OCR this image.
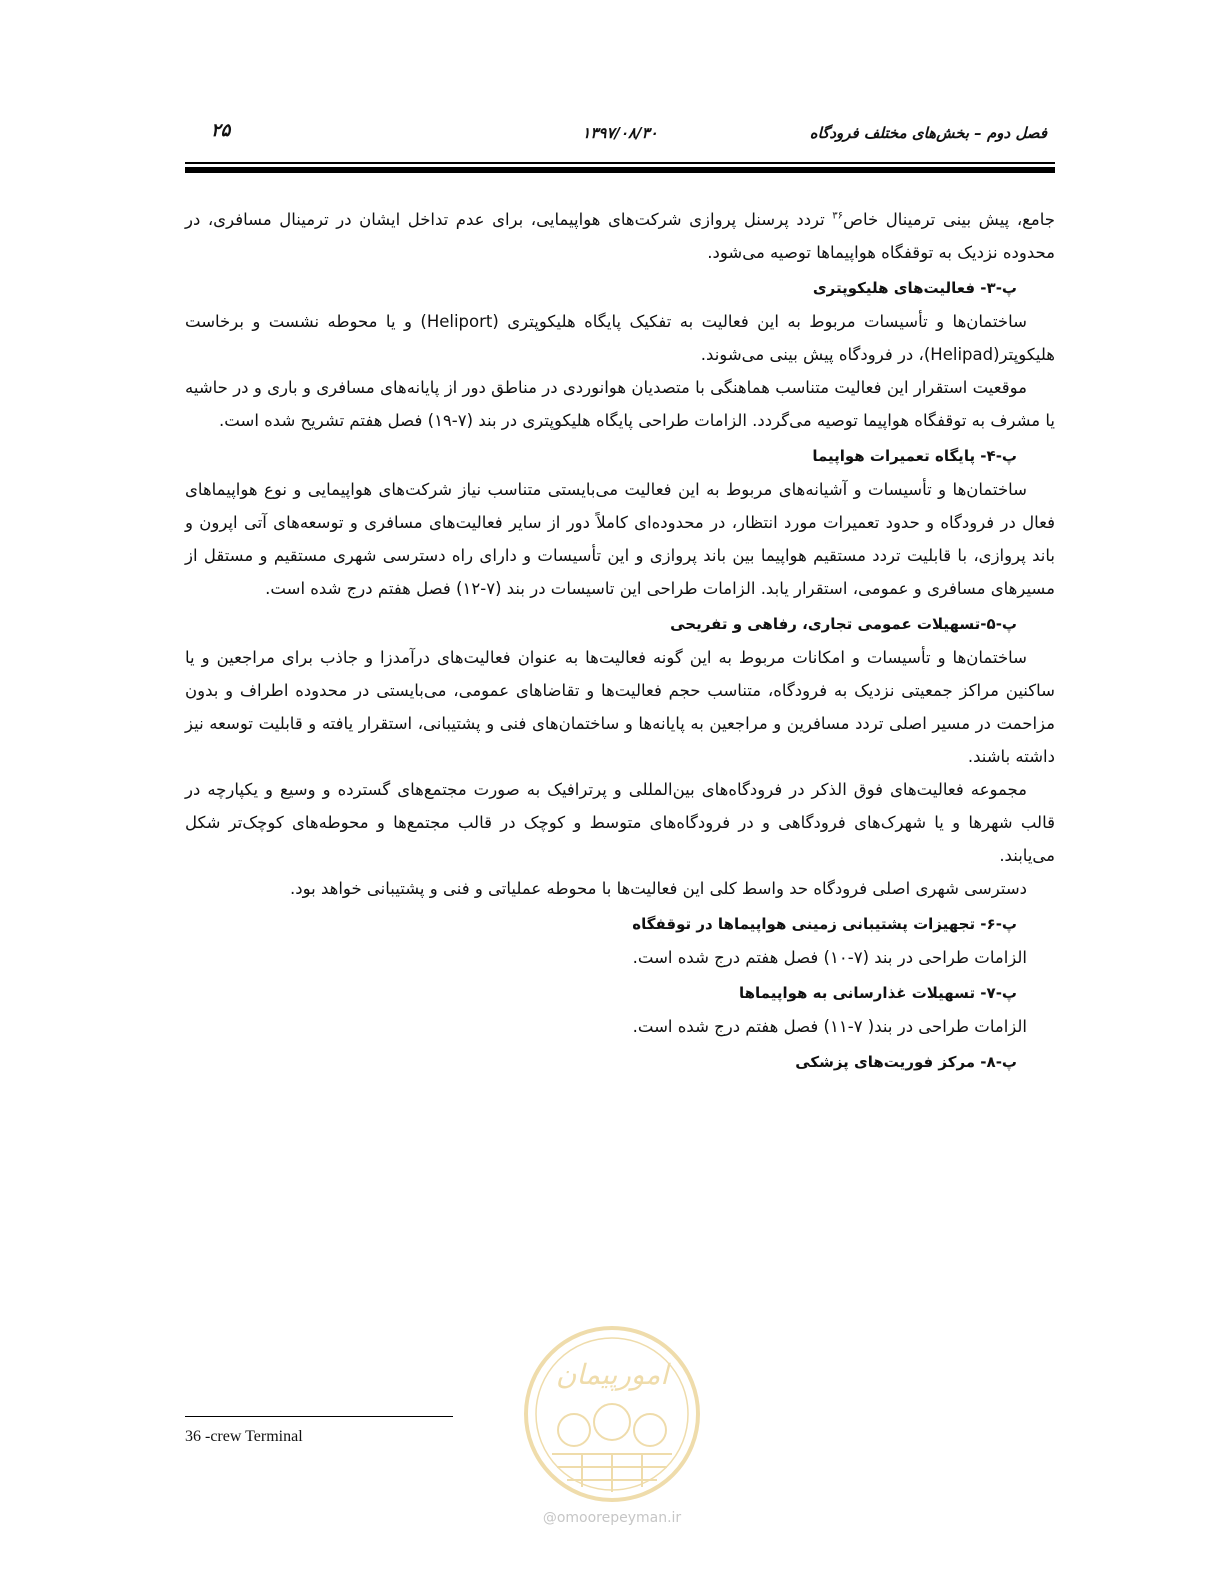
فصل دوم – بخش‌های مختلف فرودگاه
۱۳۹۷/۰۸/۳۰
۲۵

جامع، پیش بینی ترمینال خاص$^{۳۶}$ تردد پرسنل پروازی شرکت‌های هواپیمایی، برای عدم تداخل ایشان در ترمینال مسافری، در محدوده نزدیک به توقفگاه هواپیماها توصیه می‌شود.

پ-۳- فعالیت‌های هلیکوپتری

ساختمان‌ها و تأسیسات مربوط به این فعالیت به تفکیک پایگاه هلیکوپتری (Heliport) و یا محوطه نشست و برخاست هلیکوپتر(Helipad)، در فرودگاه پیش بینی می‌شوند.

موقعیت استقرار این فعالیت متناسب هماهنگی با متصدیان هوانوردی در مناطق دور از پایانه‌های مسافری و باری و در حاشیه یا مشرف به توقفگاه هواپیما توصیه می‌گردد. الزامات طراحی پایگاه هلیکوپتری در بند (۷-۱۹) فصل هفتم تشریح شده است.

پ-۴- پایگاه تعمیرات هواپیما

ساختمان‌ها و تأسیسات و آشیانه‌های مربوط به این فعالیت می‌بایستی متناسب نیاز شرکت‌های هواپیمایی و نوع هواپیماهای فعال در فرودگاه و حدود تعمیرات مورد انتظار، در محدوده‌ای کاملاً دور از سایر فعالیت‌های مسافری و توسعه‌های آتی اپرون و باند پروازی، با قابلیت تردد مستقیم هواپیما بین باند پروازی و این تأسیسات و دارای راه دسترسی شهری مستقیم و مستقل از مسیرهای مسافری و عمومی، استقرار یابد. الزامات طراحی این تاسیسات در بند (۷-۱۲) فصل هفتم درج شده است.

پ-۵-تسهیلات عمومی تجاری، رفاهی و تفریحی

ساختمان‌ها و تأسیسات و امکانات مربوط به این گونه فعالیت‌ها به عنوان فعالیت‌های درآمدزا و جاذب برای مراجعین و یا ساکنین مراکز جمعیتی نزدیک به فرودگاه، متناسب حجم فعالیت‌ها و تقاضاهای عمومی، می‌بایستی در محدوده اطراف و بدون مزاحمت در مسیر اصلی تردد مسافرین و مراجعین به پایانه‌ها و ساختمان‌های فنی و پشتیبانی، استقرار یافته و قابلیت توسعه نیز داشته باشند.

مجموعه فعالیت‌های فوق الذکر در فرودگاه‌های بین‌المللی و پرترافیک به صورت مجتمع‌های گسترده و وسیع و یکپارچه در قالب شهرها و یا شهرک‌های فرودگاهی و در فرودگاه‌های متوسط و کوچک در قالب مجتمع‌ها و محوطه‌های کوچک‌تر شکل می‌یابند.

دسترسی شهری اصلی فرودگاه حد واسط کلی این فعالیت‌ها با محوطه عملیاتی و فنی و پشتیبانی خواهد بود.

پ-۶- تجهیزات پشتیبانی زمینی هواپیماها در توقفگاه

الزامات طراحی در بند (۷-۱۰) فصل هفتم درج شده است.

پ-۷- تسهیلات غذارسانی به هواپیماها

الزامات طراحی در بند( ۷-۱۱) فصل هفتم درج شده است.

پ-۸- مرکز فوریت‌های پزشکی
36 -crew Terminal
امورپیمان
@omoorepeyman.ir
